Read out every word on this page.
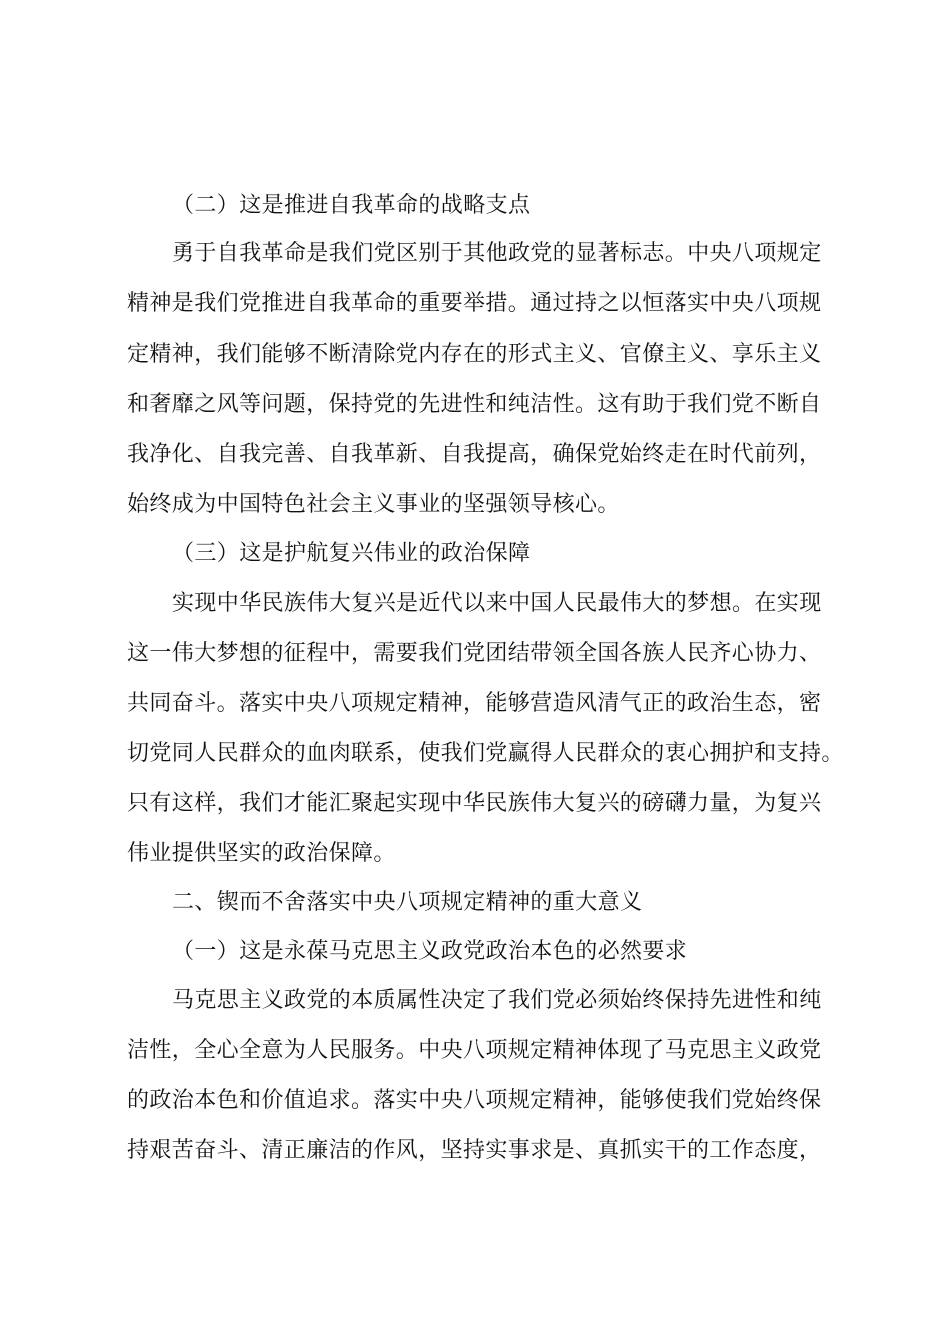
（二）这是推进自我革命的战略支点
勇于自我革命是我们党区别于其他政党的显著标志。中央八项规定
精神是我们党推进自我革命的重要举措。通过持之以恒落实中央八项规
定精神，我们能够不断清除党内存在的形式主义、官僚主义、享乐主义
和奢靡之风等问题，保持党的先进性和纯洁性。这有助于我们党不断自
我净化、自我完善、自我革新、自我提高，确保党始终走在时代前列，
始终成为中国特色社会主义事业的坚强领导核心。
（三）这是护航复兴伟业的政治保障
实现中华民族伟大复兴是近代以来中国人民最伟大的梦想。在实现
这一伟大梦想的征程中，需要我们党团结带领全国各族人民齐心协力、
共同奋斗。落实中央八项规定精神，能够营造风清气正的政治生态，密
切党同人民群众的血肉联系，使我们党赢得人民群众的衷心拥护和支持。
只有这样，我们才能汇聚起实现中华民族伟大复兴的磅礴力量，为复兴
伟业提供坚实的政治保障。
二、锲而不舍落实中央八项规定精神的重大意义
（一）这是永葆马克思主义政党政治本色的必然要求
马克思主义政党的本质属性决定了我们党必须始终保持先进性和纯
洁性，全心全意为人民服务。中央八项规定精神体现了马克思主义政党
的政治本色和价值追求。落实中央八项规定精神，能够使我们党始终保
持艰苦奋斗、清正廉洁的作风，坚持实事求是、真抓实干的工作态度，
